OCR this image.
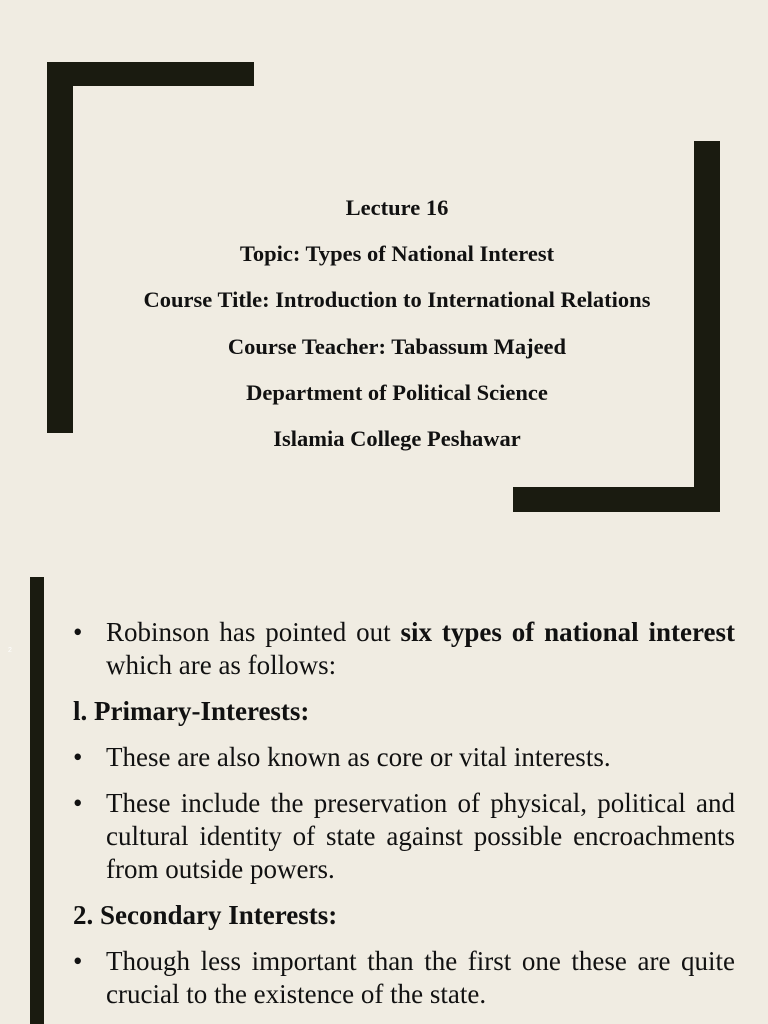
Lecture 16
Topic: Types of National Interest
Course Title: Introduction to International Relations
Course Teacher: Tabassum Majeed
Department of Political Science
Islamia College Peshawar
2
• Robinson has pointed out six types of national interest which are as follows:
l. Primary-Interests:
• These are also known as core or vital interests.
• These include the preservation of physical, political and cultural identity of state against possible encroachments from outside powers.
2. Secondary Interests:
• Though less important than the first one these are quite crucial to the existence of the state.
